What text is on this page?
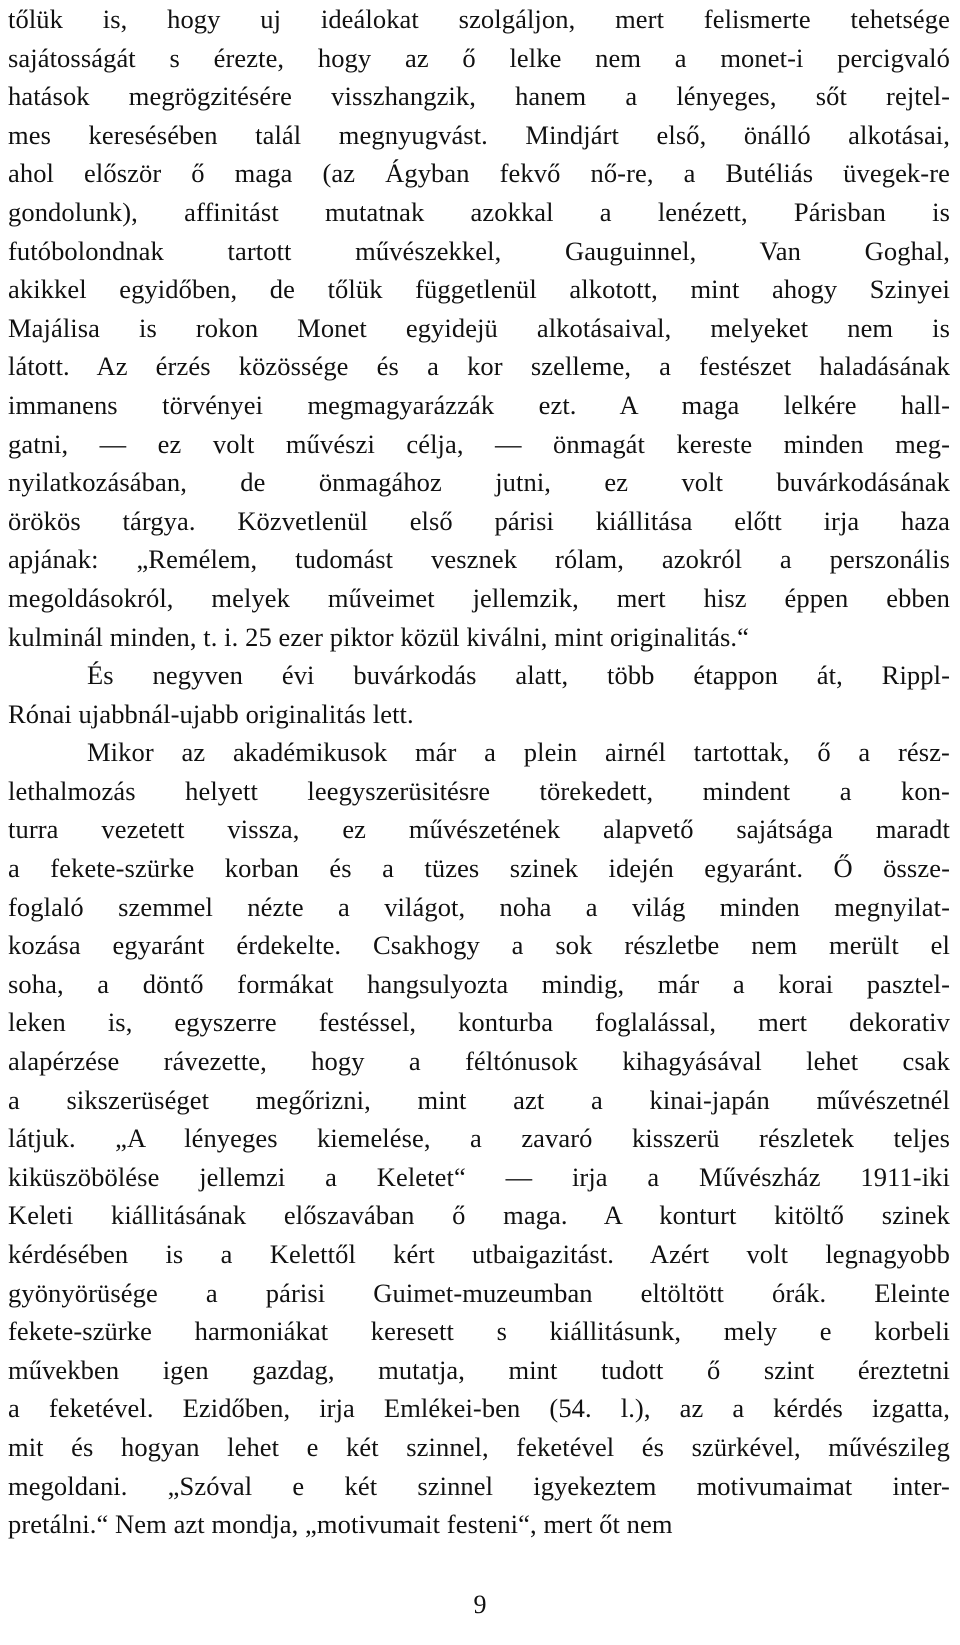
tőlük is, hogy uj ideálokat szolgáljon, mert felismerte tehetsége
sajátosságát s érezte, hogy az ő lelke nem a monet-i percigvaló
hatások megrögzitésére visszhangzik, hanem a lényeges, sőt rejtel-
mes keresésében talál megnyugvást. Mindjárt első, önálló alkotásai,
ahol először ő maga (az Ágyban fekvő nő-re, a Butéliás üvegek-re
gondolunk), affinitást mutatnak azokkal a lenézett, Párisban is
futóbolondnak tartott művészekkel, Gauguinnel, Van Goghal,
akikkel egyidőben, de tőlük függetlenül alkotott, mint ahogy Szinyei
Majálisa is rokon Monet egyidejü alkotásaival, melyeket nem is
látott. Az érzés közössége és a kor szelleme, a festészet haladásának
immanens törvényei megmagyarázzák ezt. A maga lelkére hall-
gatni, — ez volt művészi célja, — önmagát kereste minden meg-
nyilatkozásában, de önmagához jutni, ez volt buvárkodásának
örökös tárgya. Közvetlenül első párisi kiállitása előtt irja haza
apjának: „Remélem, tudomást vesznek rólam, azokról a perszonális
megoldásokról, melyek műveimet jellemzik, mert hisz éppen ebben
kulminál minden, t. i. 25 ezer piktor közül kiválni, mint originalitás.“
És negyven évi buvárkodás alatt, több étappon át, Rippl-
Rónai ujabbnál-ujabb originalitás lett.
Mikor az akadémikusok már a plein airnél tartottak, ő a rész-
lethalmozás helyett leegyszerüsitésre törekedett, mindent a kon-
turra vezetett vissza, ez művészetének alapvető sajátsága maradt
a fekete-szürke korban és a tüzes szinek idején egyaránt. Ő össze-
foglaló szemmel nézte a világot, noha a világ minden megnyilat-
kozása egyaránt érdekelte. Csakhogy a sok részletbe nem merült el
soha, a döntő formákat hangsulyozta mindig, már a korai pasztel-
leken is, egyszerre festéssel, konturba foglalással, mert dekorativ
alapérzése rávezette, hogy a féltónusok kihagyásával lehet csak
a sikszerüséget megőrizni, mint azt a kinai-japán művészetnél
látjuk. „A lényeges kiemelése, a zavaró kisszerü részletek teljes
kiküszöbölése jellemzi a Keletet“ — irja a Művészház 1911-iki
Keleti kiállitásának előszavában ő maga. A konturt kitöltő szinek
kérdésében is a Kelettől kért utbaigazitást. Azért volt legnagyobb
gyönyörüsége a párisi Guimet-muzeumban eltöltött órák. Eleinte
fekete-szürke harmoniákat keresett s kiállitásunk, mely e korbeli
művekben igen gazdag, mutatja, mint tudott ő szint éreztetni
a feketével. Ezidőben, irja Emlékei-ben (54. l.), az a kérdés izgatta,
mit és hogyan lehet e két szinnel, feketével és szürkével, művészileg
megoldani. „Szóval e két szinnel igyekeztem motivumaimat inter-
pretálni.“ Nem azt mondja, „motivumait festeni“, mert őt nem
9
